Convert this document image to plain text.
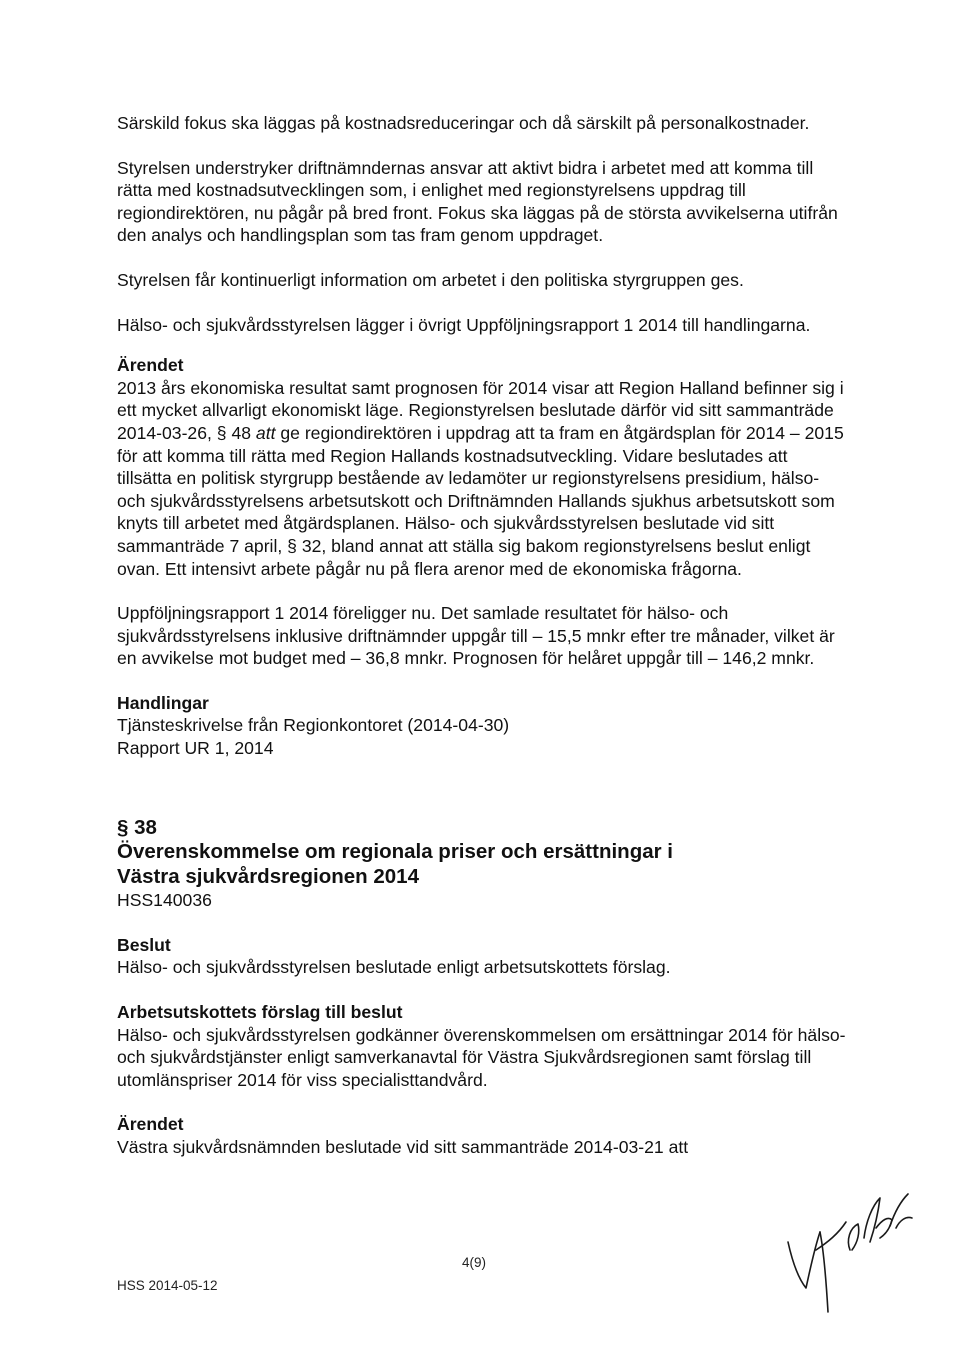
Särskild fokus ska läggas på kostnadsreduceringar och då särskilt på personalkostnader.

Styrelsen understryker driftnämndernas ansvar att aktivt bidra i arbetet med att komma till rätta med kostnadsutvecklingen som, i enlighet med regionstyrelsens uppdrag till regiondirektören, nu pågår på bred front. Fokus ska läggas på de största avvikelserna utifrån den analys och handlingsplan som tas fram genom uppdraget.

Styrelsen får kontinuerligt information om arbetet i den politiska styrgruppen ges.

Hälso- och sjukvårdsstyrelsen lägger i övrigt Uppföljningsrapport 1 2014 till handlingarna.

Ärendet

2013 års ekonomiska resultat samt prognosen för 2014 visar att Region Halland befinner sig i ett mycket allvarligt ekonomiskt läge. Regionstyrelsen beslutade därför vid sitt sammanträde 2014-03-26, § 48 att ge regiondirektören i uppdrag att ta fram en åtgärdsplan för 2014 – 2015 för att komma till rätta med Region Hallands kostnadsutveckling. Vidare beslutades att tillsätta en politisk styrgrupp bestående av ledamöter ur regionstyrelsens presidium, hälso- och sjukvårdsstyrelsens arbetsutskott och Driftnämnden Hallands sjukhus arbetsutskott som knyts till arbetet med åtgärdsplanen. Hälso- och sjukvårdsstyrelsen beslutade vid sitt sammanträde 7 april, § 32, bland annat att ställa sig bakom regionstyrelsens beslut enligt ovan. Ett intensivt arbete pågår nu på flera arenor med de ekonomiska frågorna.

Uppföljningsrapport 1 2014 föreligger nu. Det samlade resultatet för hälso- och sjukvårdsstyrelsens inklusive driftnämnder uppgår till – 15,5 mnkr efter tre månader, vilket är en avvikelse mot budget med – 36,8 mnkr. Prognosen för helåret uppgår till – 146,2 mnkr.

Handlingar

Tjänsteskrivelse från Regionkontoret (2014-04-30)

Rapport UR 1, 2014

§ 38
Överenskommelse om regionala priser och ersättningar i
Västra sjukvårdsregionen 2014

HSS140036

Beslut

Hälso- och sjukvårdsstyrelsen beslutade enligt arbetsutskottets förslag.

Arbetsutskottets förslag till beslut

Hälso- och sjukvårdsstyrelsen godkänner överenskommelsen om ersättningar 2014 för hälso- och sjukvårdstjänster enligt samverkanavtal för Västra Sjukvårdsregionen samt förslag till utomlänspriser 2014 för viss specialisttandvård.

Ärendet

Västra sjukvårdsnämnden beslutade vid sitt sammanträde 2014-03-21 att

4(9)
HSS 2014-05-12
